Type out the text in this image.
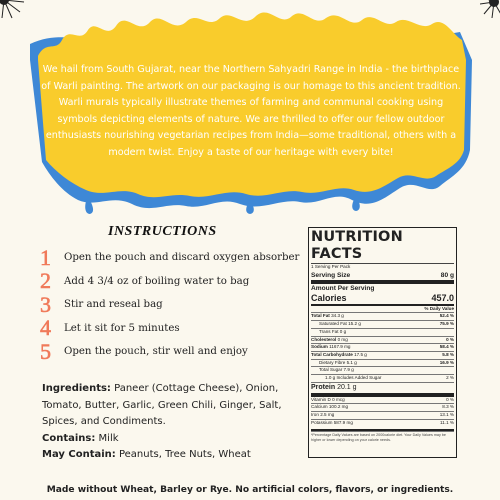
We hail from South Gujarat, near the Northern Sahyadri Range in India - the birthplace
of Warli painting. The artwork on our packaging is our homage to this ancient tradition.
Warli murals typically illustrate themes of farming and communal cooking using
symbols depicting elements of nature. We are thrilled to offer our fellow outdoor
enthusiasts nourishing vegetarian recipes from India—some traditional, others with a
modern twist. Enjoy a taste of our heritage with every bite!
INSTRUCTIONS
1	Open the pouch and discard oxygen absorber
2	Add 4 3/4 oz of boiling water to bag
3	Stir and reseal bag
4	Let it sit for 5 minutes
5	Open the pouch, stir well and enjoy
Ingredients: Paneer (Cottage Cheese), Onion,
Tomato, Butter, Garlic, Green Chili, Ginger, Salt,
Spices, and Condiments.
Contains: Milk
May Contain: Peanuts, Tree Nuts, Wheat
NUTRITION FACTS
1 Serving Per Pack
Serving Size	80 g
Amount Per Serving
Calories	457.0
% Daily Value
Total Fat 34.3 g	52.4 %
Saturated Fat 15.2 g	75.9 %
Trans Fat 0 g
Cholesterol 0 mg	0 %
Sodium 1167.9 mg	58.4 %
Total Carbohydrate 17.5 g	5.8 %
Dietary Fibre 5.1 g	16.9 %
Total Sugar 7.9 g
1.0 g Includes Added Sugar	2 %
Protein 20.1 g
Vitamin D 0 mcg	0 %
Calcium 100.2 mg	8.3 %
Iron 2.5 mg	13.1 %
Potassium 587.9 mg	11.1 %
*Percentage Daily Values are based on 2000calorie diet. Your Daily Values may be higher or lower depending on your calorie needs.
Made without Wheat, Barley or Rye. No artificial colors, flavors, or ingredients.
